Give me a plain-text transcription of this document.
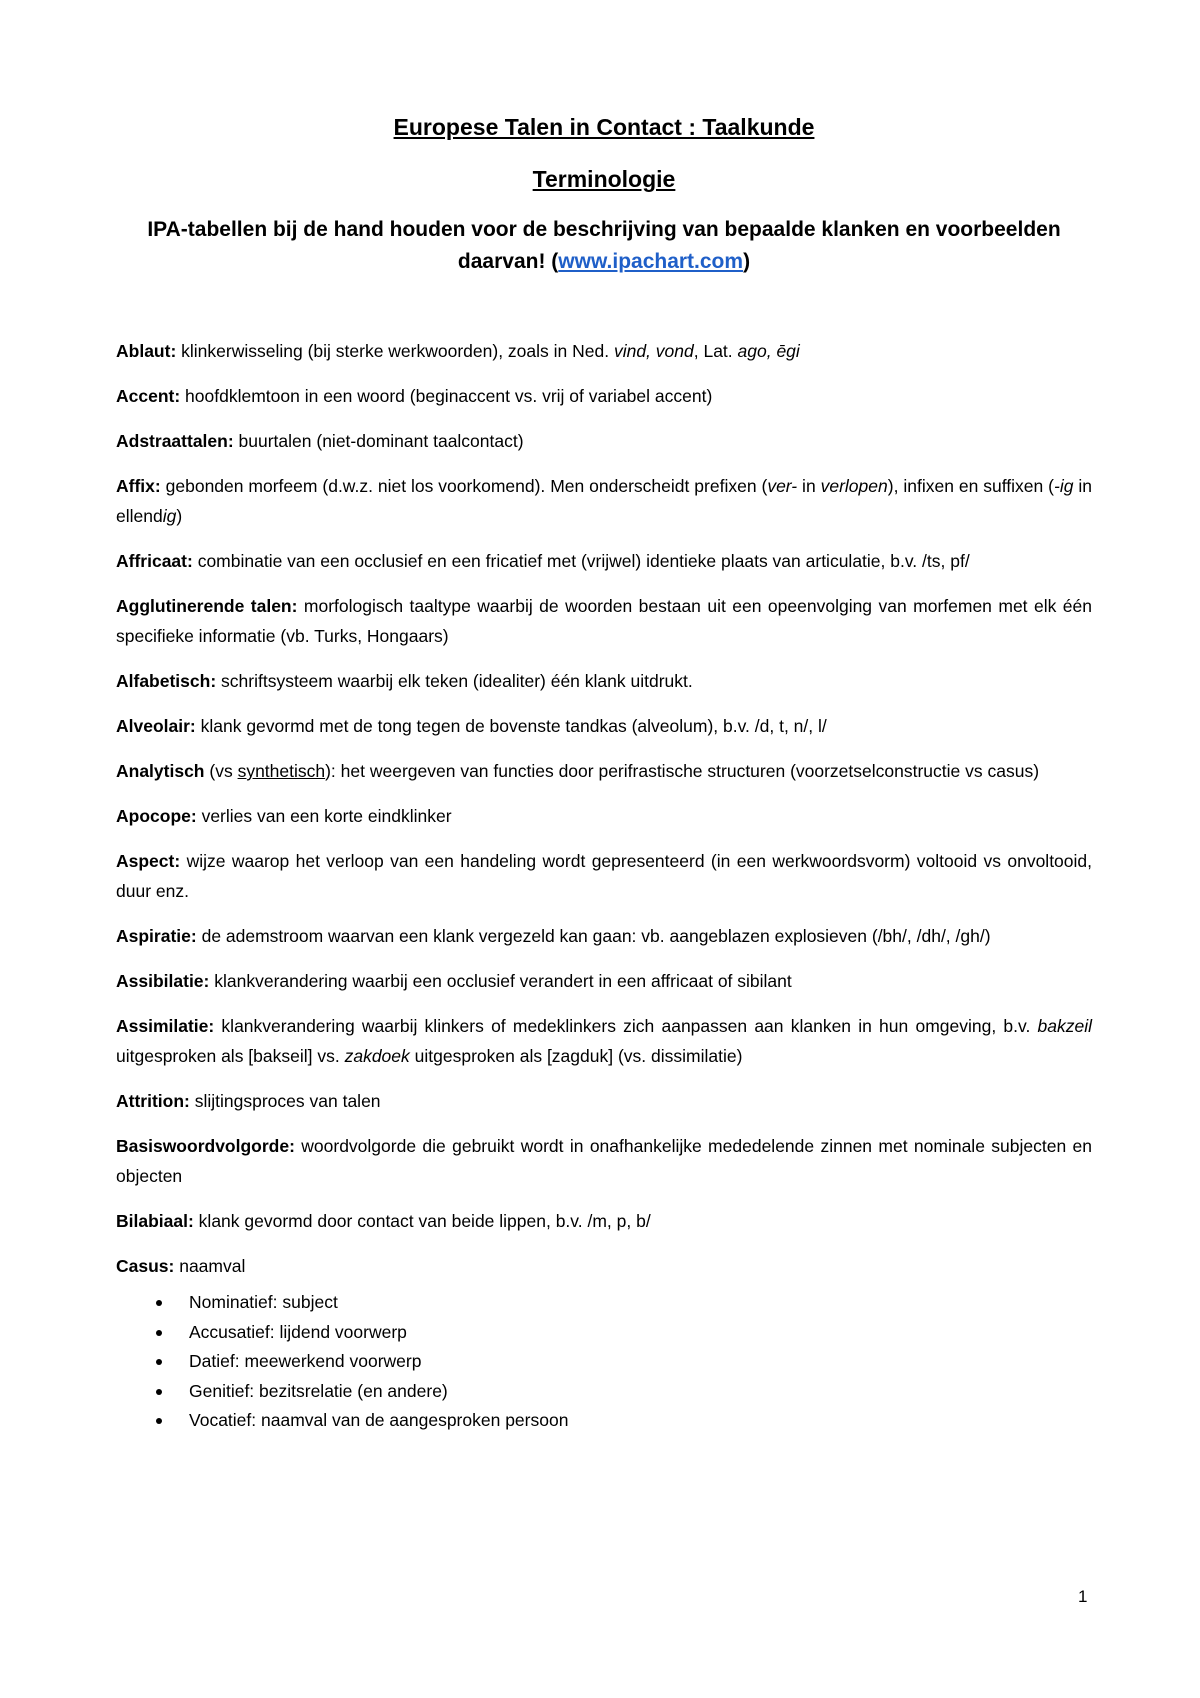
Europese Talen in Contact : Taalkunde

Terminologie

IPA-tabellen bij de hand houden voor de beschrijving van bepaalde klanken en voorbeelden daarvan! (www.ipachart.com)

Ablaut: klinkerwisseling (bij sterke werkwoorden), zoals in Ned. vind, vond, Lat. ago, ēgi

Accent: hoofdklemtoon in een woord (beginaccent vs. vrij of variabel accent)

Adstraattalen: buurtalen (niet-dominant taalcontact)

Affix: gebonden morfeem (d.w.z. niet los voorkomend). Men onderscheidt prefixen (ver- in verlopen), infixen en suffixen (-ig in ellendig)

Affricaat: combinatie van een occlusief en een fricatief met (vrijwel) identieke plaats van articulatie, b.v. /ts, pf/

Agglutinerende talen: morfologisch taaltype waarbij de woorden bestaan uit een opeenvolging van morfemen met elk één specifieke informatie (vb. Turks, Hongaars)

Alfabetisch: schriftsysteem waarbij elk teken (idealiter) één klank uitdrukt.

Alveolair: klank gevormd met de tong tegen de bovenste tandkas (alveolum), b.v. /d, t, n/, l/

Analytisch (vs synthetisch): het weergeven van functies door perifrastische structuren (voorzetselconstructie vs casus)

Apocope: verlies van een korte eindklinker

Aspect: wijze waarop het verloop van een handeling wordt gepresenteerd (in een werkwoordsvorm) voltooid vs onvoltooid, duur enz.

Aspiratie: de ademstroom waarvan een klank vergezeld kan gaan: vb. aangeblazen explosieven (/bh/, /dh/, /gh/)

Assibilatie: klankverandering waarbij een occlusief verandert in een affricaat of sibilant

Assimilatie: klankverandering waarbij klinkers of medeklinkers zich aanpassen aan klanken in hun omgeving, b.v. bakzeil uitgesproken als [bakseil] vs. zakdoek uitgesproken als [zagduk] (vs. dissimilatie)

Attrition: slijtingsproces van talen

Basiswoordvolgorde: woordvolgorde die gebruikt wordt in onafhankelijke mededelende zinnen met nominale subjecten en objecten

Bilabiaal: klank gevormd door contact van beide lippen, b.v. /m, p, b/

Casus: naamval

Nominatief: subject
Accusatief: lijdend voorwerp
Datief: meewerkend voorwerp
Genitief: bezitsrelatie (en andere)
Vocatief: naamval van de aangesproken persoon
1
